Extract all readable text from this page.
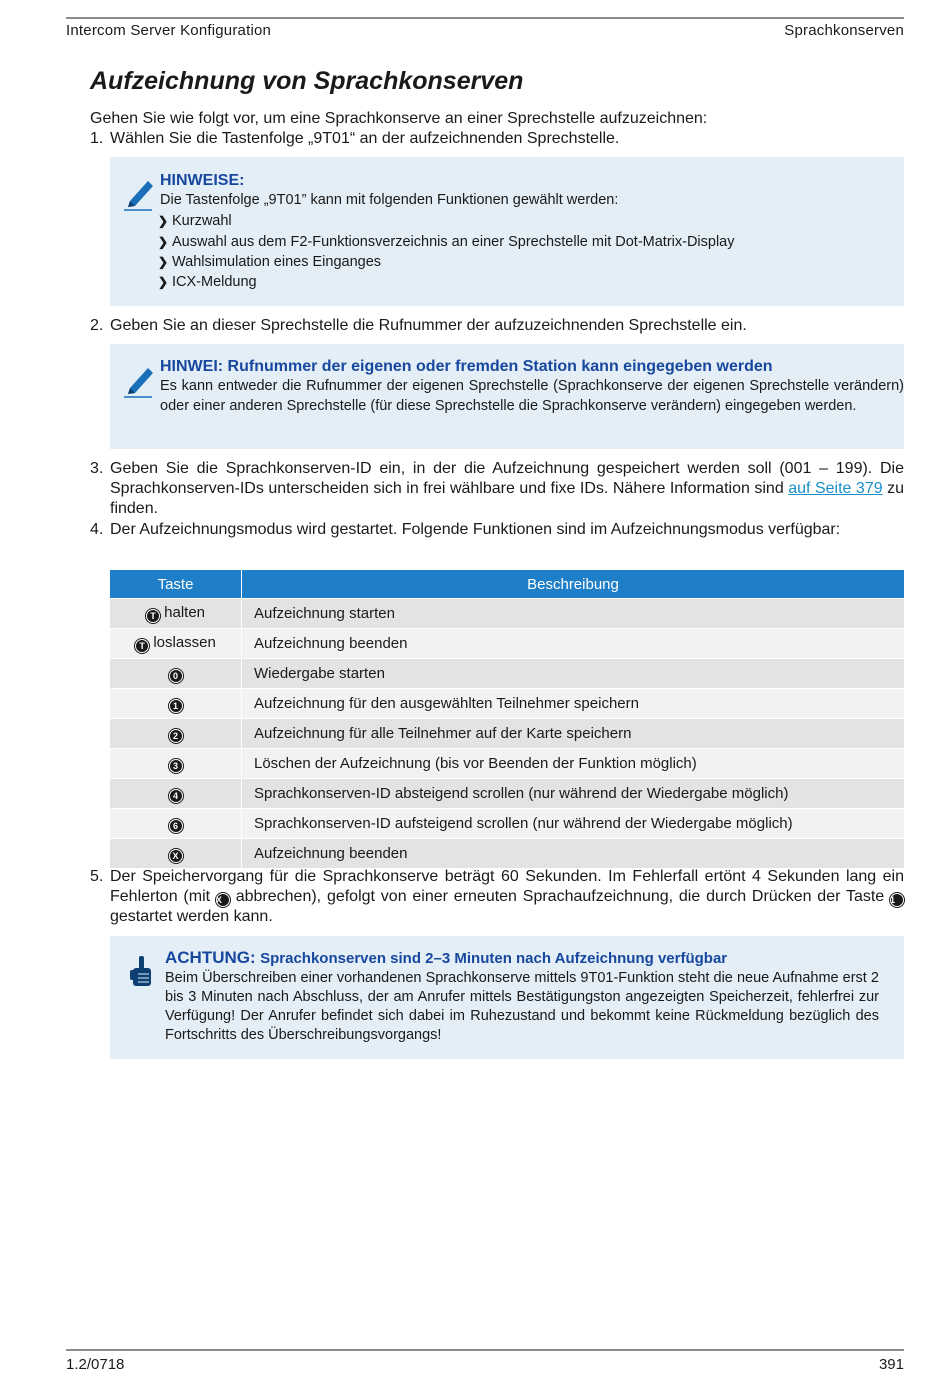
Intercom Server Konfiguration	Sprachkonserven
Aufzeichnung von Sprachkonserven
Gehen Sie wie folgt vor, um eine Sprachkonserve an einer Sprechstelle aufzuzeichnen:
1. Wählen Sie die Tastenfolge „9T01“ an der aufzeichnenden Sprechstelle.
HINWEISE:
Die Tastenfolge „9T01” kann mit folgenden Funktionen gewählt werden:
❯ Kurzwahl
❯ Auswahl aus dem F2-Funktionsverzeichnis an einer Sprechstelle mit Dot-Matrix-Display
❯ Wahlsimulation eines Einganges
❯ ICX-Meldung
2. Geben Sie an dieser Sprechstelle die Rufnummer der aufzuzeichnenden Sprechstelle ein.
HINWEI: Rufnummer der eigenen oder fremden Station kann eingegeben werden
Es kann entweder die Rufnummer der eigenen Sprechstelle (Sprachkonserve der eigenen Sprechstelle verändern) oder einer anderen Sprechstelle (für diese Sprechstelle die Sprachkonserve verändern) eingegeben werden.
3. Geben Sie die Sprachkonserven-ID ein, in der die Aufzeichnung gespeichert werden soll (001 – 199). Die Sprachkonserven-IDs unterscheiden sich in frei wählbare und fixe IDs. Nähere Information sind auf Seite 379 zu finden.
4. Der Aufzeichnungsmodus wird gestartet. Folgende Funktionen sind im Aufzeichnungsmodus verfügbar:
Taste	Beschreibung
T halten	Aufzeichnung starten
T loslassen	Aufzeichnung beenden
0	Wiedergabe starten
1	Aufzeichnung für den ausgewählten Teilnehmer speichern
2	Aufzeichnung für alle Teilnehmer auf der Karte speichern
3	Löschen der Aufzeichnung (bis vor Beenden der Funktion möglich)
4	Sprachkonserven-ID absteigend scrollen (nur während der Wiedergabe möglich)
6	Sprachkonserven-ID aufsteigend scrollen (nur während der Wiedergabe möglich)
X	Aufzeichnung beenden
5. Der Speichervorgang für die Sprachkonserve beträgt 60 Sekunden. Im Fehlerfall ertönt 4 Sekunden lang ein Fehlerton (mit X abbrechen), gefolgt von einer erneuten Sprachaufzeichnung, die durch Drücken der Taste 1 gestartet werden kann.
ACHTUNG: Sprachkonserven sind 2–3 Minuten nach Aufzeichnung verfügbar
Beim Überschreiben einer vorhandenen Sprachkonserve mittels 9T01-Funktion steht die neue Aufnahme erst 2 bis 3 Minuten nach Abschluss, der am Anrufer mittels Bestätigungston angezeigten Speicherzeit, fehlerfrei zur Verfügung! Der Anrufer befindet sich dabei im Ruhezustand und bekommt keine Rückmeldung bezüglich des Fortschritts des Überschreibungsvorgangs!
1.2/0718	391
